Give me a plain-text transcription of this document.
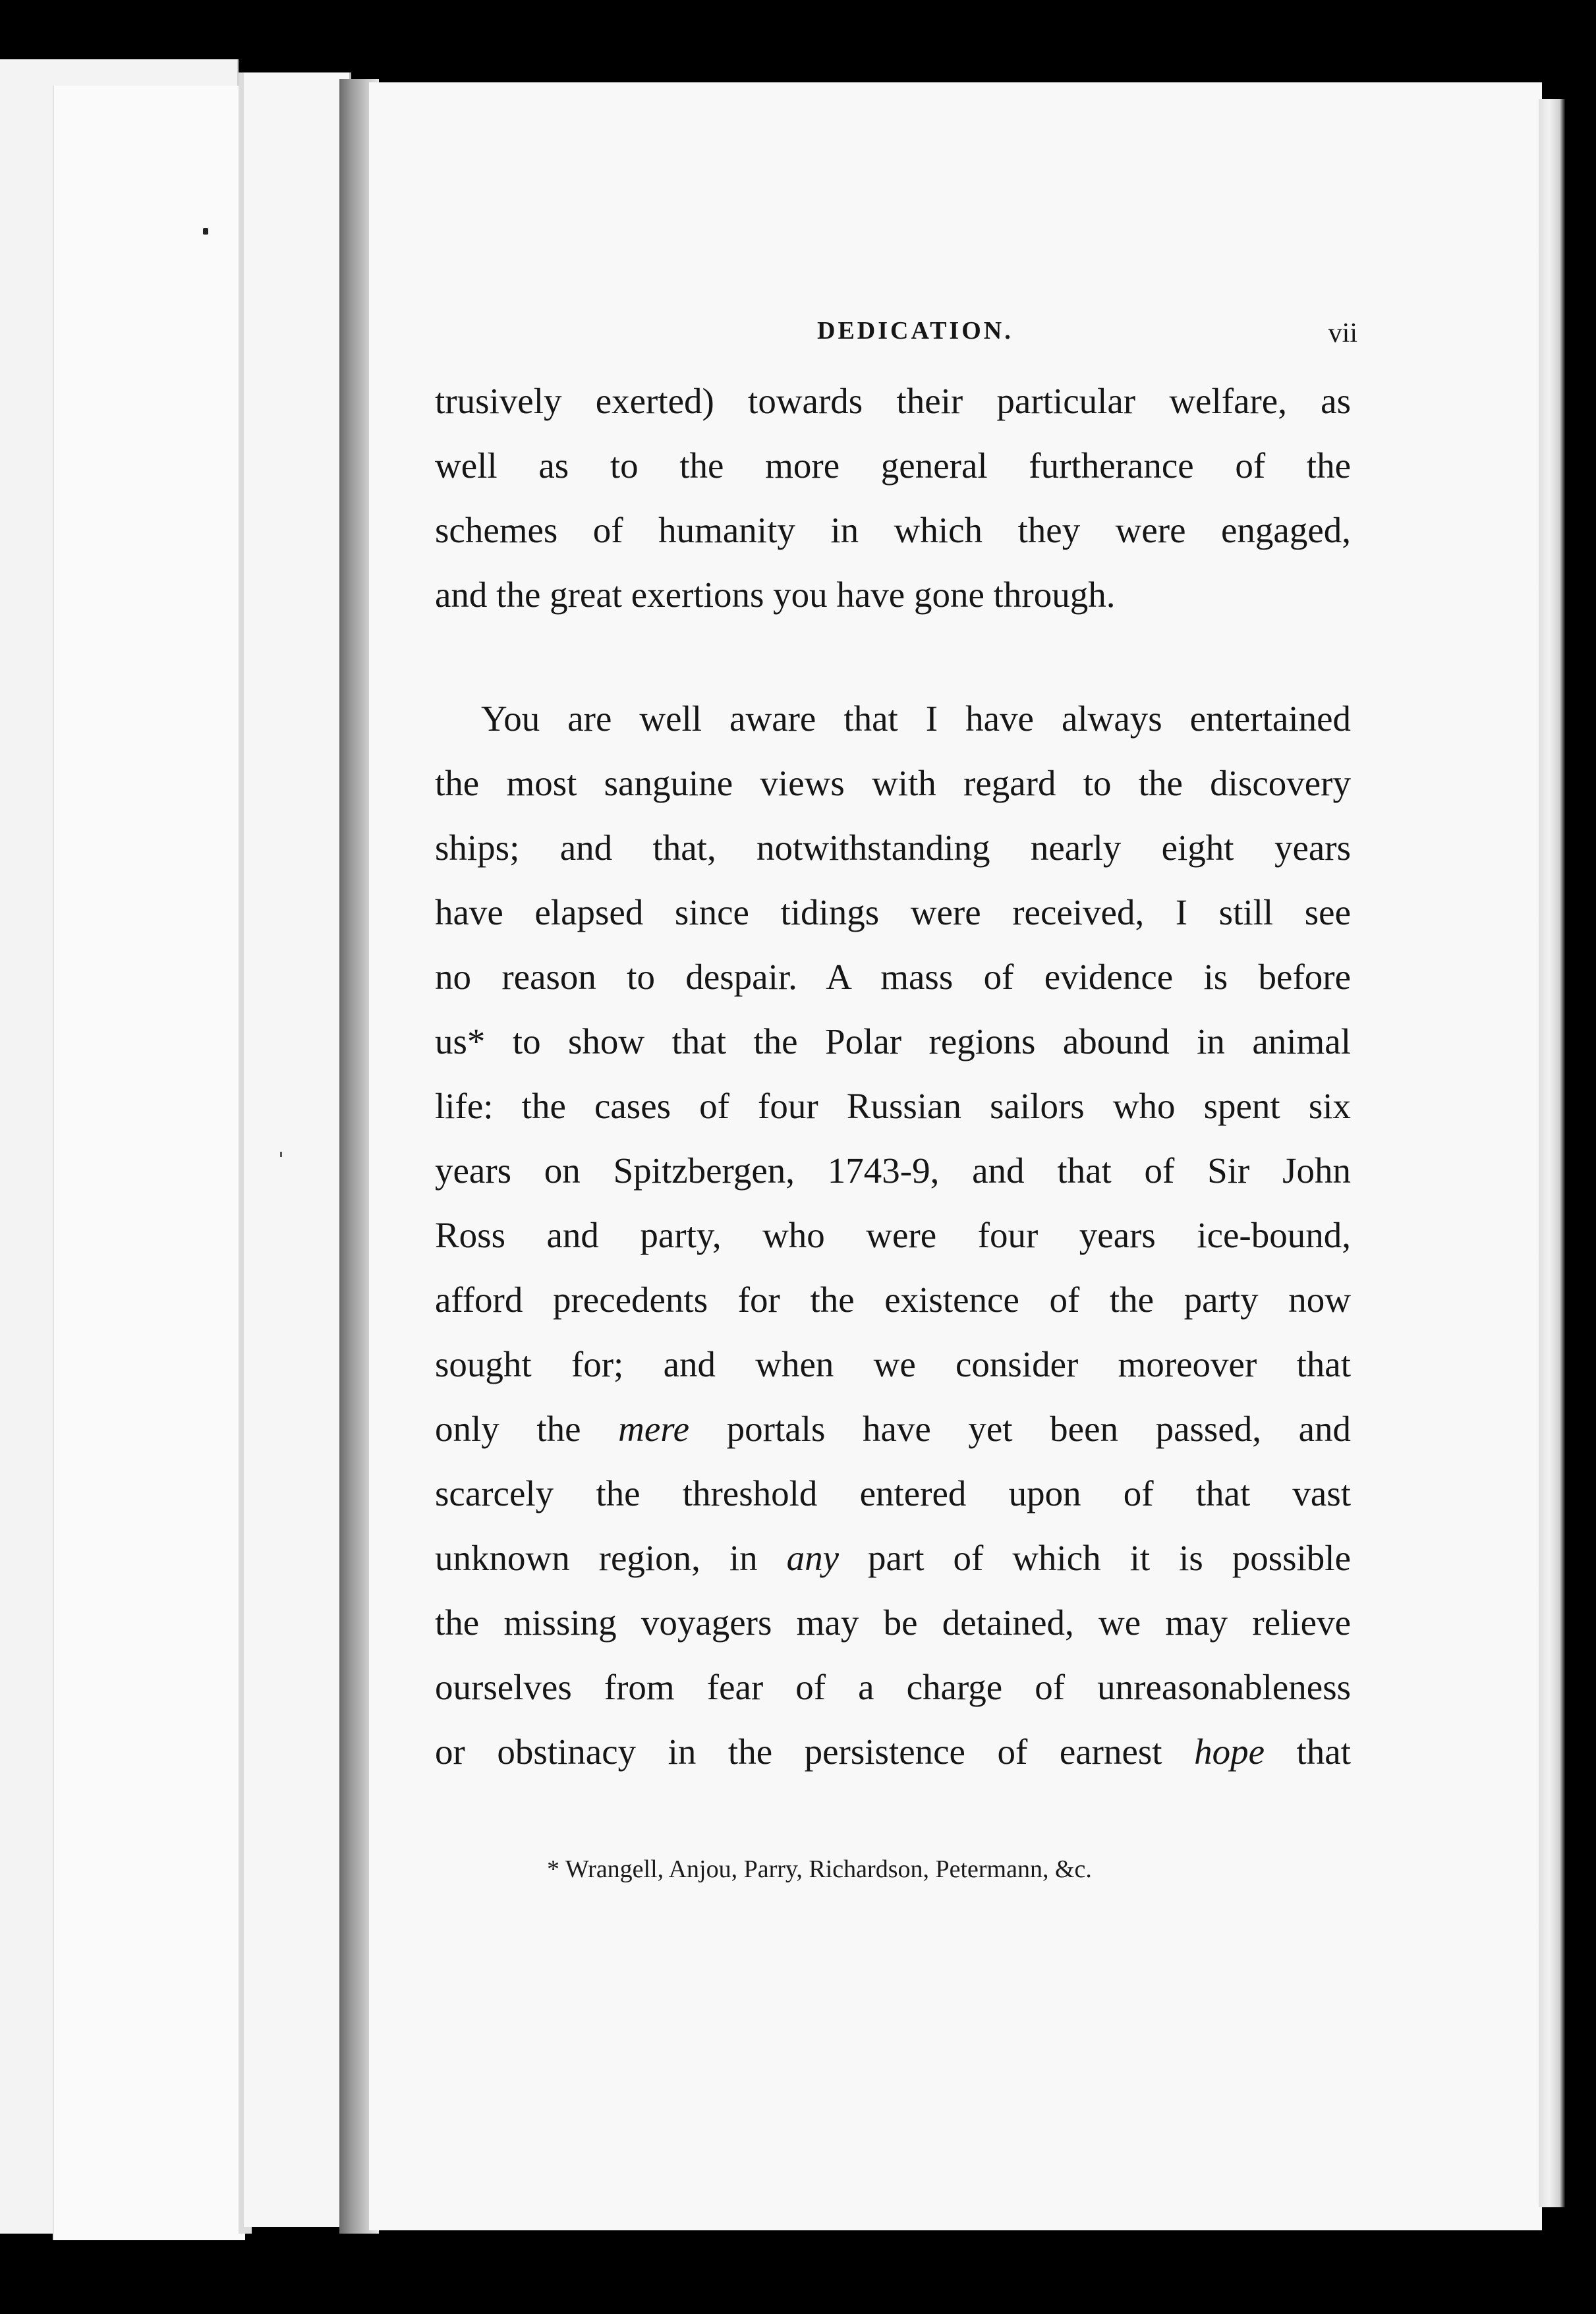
DEDICATION.	vii

trusively exerted) towards their particular welfare, as
well as to the more general furtherance of the
schemes of humanity in which they were engaged,
and the great exertions you have gone through.

You are well aware that I have always entertained
the most sanguine views with regard to the discovery
ships; and that, notwithstanding nearly eight years
have elapsed since tidings were received, I still see
no reason to despair. A mass of evidence is before
us* to show that the Polar regions abound in animal
life: the cases of four Russian sailors who spent six
years on Spitzbergen, 1743-9, and that of Sir John
Ross and party, who were four years ice-bound,
afford precedents for the existence of the party now
sought for; and when we consider moreover that
only the mere portals have yet been passed, and
scarcely the threshold entered upon of that vast
unknown region, in any part of which it is possible
the missing voyagers may be detained, we may relieve
ourselves from fear of a charge of unreasonableness
or obstinacy in the persistence of earnest hope that

* Wrangell, Anjou, Parry, Richardson, Petermann, &c.
